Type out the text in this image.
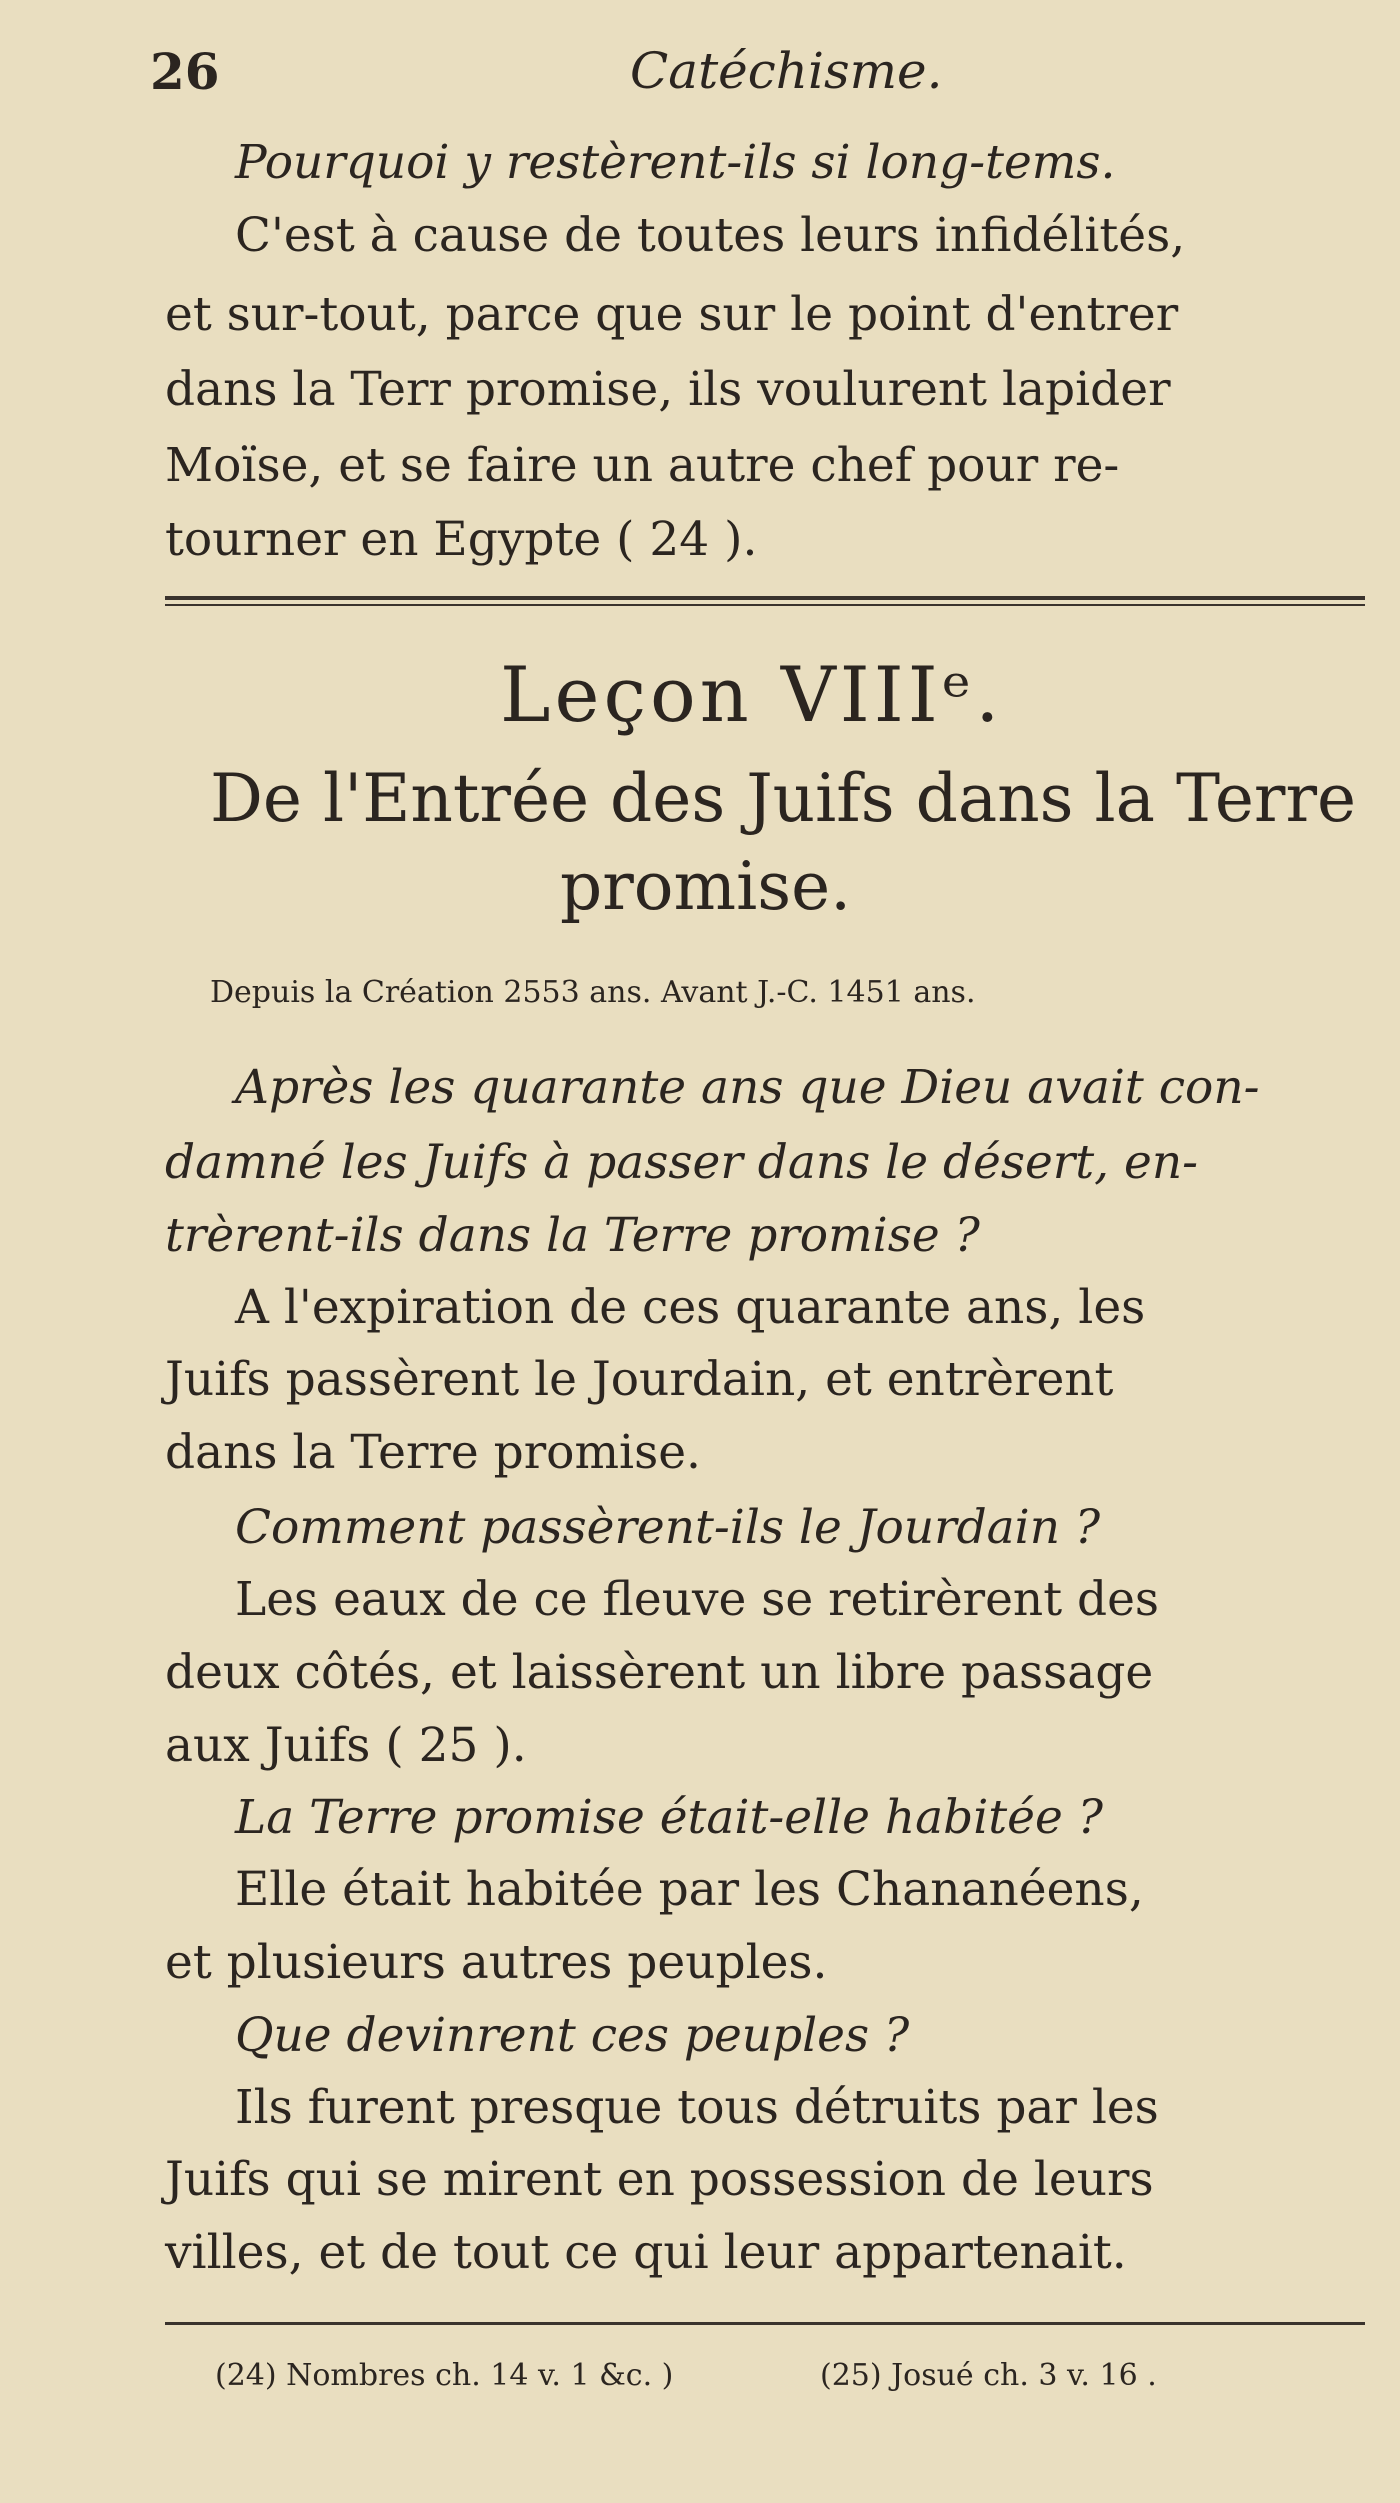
26	Catéchisme.
Pourquoi y restèrent-ils si long-tems.
C'est à cause de toutes leurs infidélités,
et sur-tout, parce que sur le point d'entrer
dans la Terr promise, ils voulurent lapider
Moïse, et se faire un autre chef pour re-
tourner en Egypte ( 24 ).
Leçon VIIIᵉ.
De l'Entrée des Juifs dans la Terre
promise.
Depuis la Création 2553 ans. Avant J.-C. 1451 ans.
Après les quarante ans que Dieu avait con-
damné les Juifs à passer dans le désert, en-
trèrent-ils dans la Terre promise ?
A l'expiration de ces quarante ans, les
Juifs passèrent le Jourdain, et entrèrent
dans la Terre promise.
Comment passèrent-ils le Jourdain ?
Les eaux de ce fleuve se retirèrent des
deux côtés, et laissèrent un libre passage
aux Juifs ( 25 ).
La Terre promise était-elle habitée ?
Elle était habitée par les Chananéens,
et plusieurs autres peuples.
Que devinrent ces peuples ?
Ils furent presque tous détruits par les
Juifs qui se mirent en possession de leurs
villes, et de tout ce qui leur appartenait.
(24) Nombres ch. 14 v. 1 &c. )	(25) Josué ch. 3 v. 16 .
